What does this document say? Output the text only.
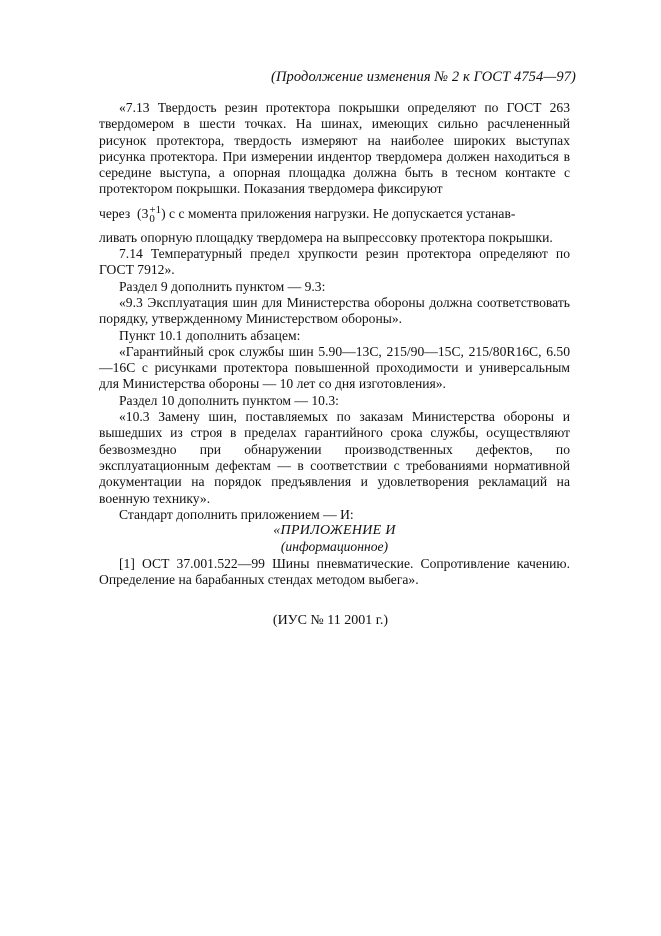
(Продолжение изменения № 2 к ГОСТ 4754—97)

«7.13 Твердость резин протектора покрышки определяют по ГОСТ 263 твердомером в шести точках. На шинах, имеющих сильно расчлененный рисунок протектора, твердость измеряют на наиболее широких выступах рисунка протектора. При измерении индентор твердомера должен находиться в середине выступа, а опорная площадка должна быть в тесном контакте с протектором покрышки. Показания твердомера фиксируют

через (3 +1
0 ) с с момента приложения нагрузки. Не допускается устанав-

ливать опорную площадку твердомера на выпрессовку протектора покрышки.

7.14 Температурный предел хрупкости резин протектора определяют по ГОСТ 7912».

Раздел 9 дополнить пунктом — 9.3:

«9.3 Эксплуатация шин для Министерства обороны должна соответствовать порядку, утвержденному Министерством обороны».

Пункт 10.1 дополнить абзацем:

«Гарантийный срок службы шин 5.90—13С, 215/90—15С, 215/80R16C, 6.50—16С с рисунками протектора повышенной проходимости и универсальным для Министерства обороны — 10 лет со дня изготовления».

Раздел 10 дополнить пунктом — 10.3:

«10.3 Замену шин, поставляемых по заказам Министерства обороны и вышедших из строя в пределах гарантийного срока службы, осуществляют безвозмездно при обнаружении производственных дефектов, по эксплуатационным дефектам — в соответствии с требованиями нормативной документации на порядок предъявления и удовлетворения рекламаций на военную технику».

Стандарт дополнить приложением — И:

«ПРИЛОЖЕНИЕ И

(информационное)

[1] ОСТ 37.001.522—99 Шины пневматические. Сопротивление качению. Определение на барабанных стендах методом выбега».

(ИУС № 11 2001 г.)
